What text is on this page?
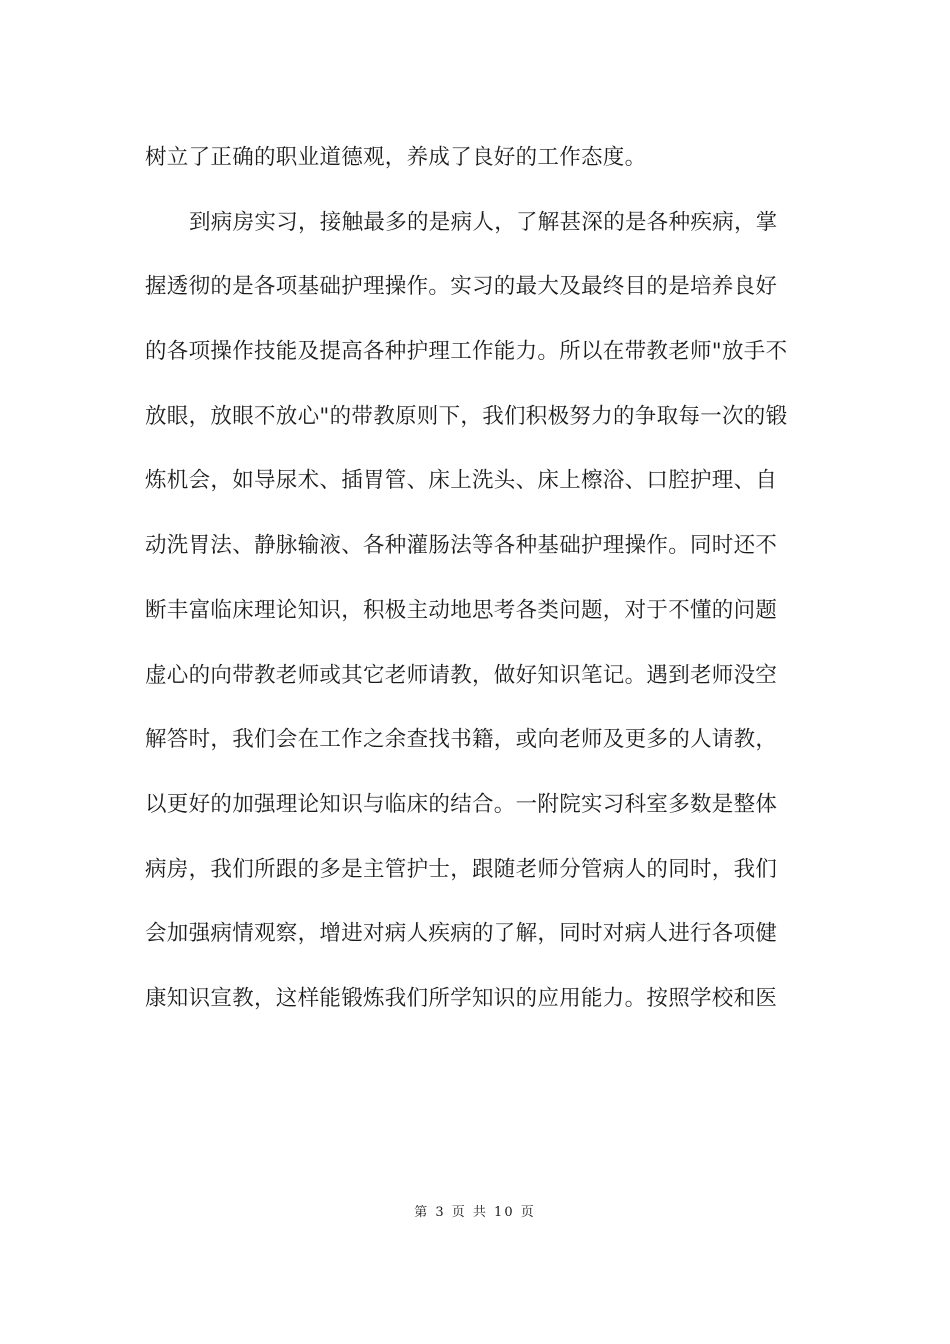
树立了正确的职业道德观，养成了良好的工作态度。
到病房实习，接触最多的是病人，了解甚深的是各种疾病，掌
握透彻的是各项基础护理操作。实习的最大及最终目的是培养良好
的各项操作技能及提高各种护理工作能力。所以在带教老师"放手不
放眼，放眼不放心"的带教原则下，我们积极努力的争取每一次的锻
炼机会，如导尿术、插胃管、床上洗头、床上檫浴、口腔护理、自
动洗胃法、静脉输液、各种灌肠法等各种基础护理操作。同时还不
断丰富临床理论知识，积极主动地思考各类问题，对于不懂的问题
虚心的向带教老师或其它老师请教，做好知识笔记。遇到老师没空
解答时，我们会在工作之余查找书籍，或向老师及更多的人请教，
以更好的加强理论知识与临床的结合。一附院实习科室多数是整体
病房，我们所跟的多是主管护士，跟随老师分管病人的同时，我们
会加强病情观察，增进对病人疾病的了解，同时对病人进行各项健
康知识宣教，这样能锻炼我们所学知识的应用能力。按照学校和医
第 3 页 共 10 页
